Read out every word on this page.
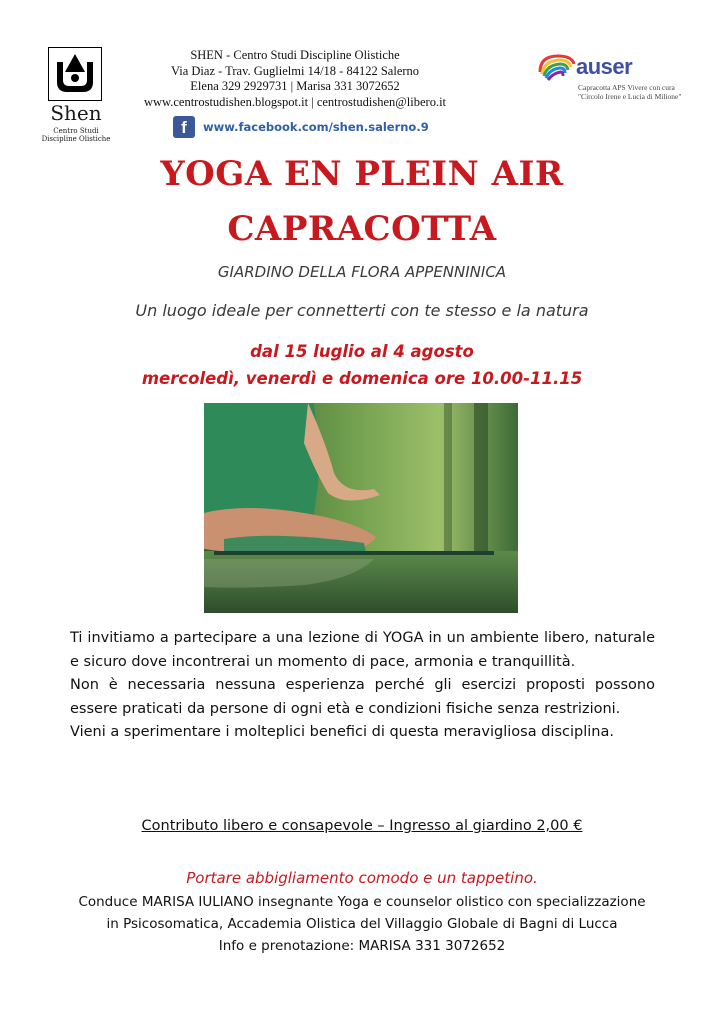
Shen
Centro Studi Discipline Olistiche
SHEN - Centro Studi Discipline Olistiche
Via Diaz - Trav. Guglielmi 14/18 - 84122 Salerno
Elena 329 2929731 | Marisa 331 3072652
www.centrostudishen.blogspot.it | centrostudishen@libero.it
f	www.facebook.com/shen.salerno.9
auser
Capracotta APS Vivere con cura
"Circolo Irene e Lucia di Milione"
YOGA EN PLEIN AIR
CAPRACOTTA
GIARDINO DELLA FLORA APPENNINICA
Un luogo ideale per connetterti con te stesso e la natura
dal 15 luglio al 4 agosto
mercoledì, venerdì e domenica ore 10.00-11.15

Ti invitiamo a partecipare a una lezione di YOGA in un ambiente libero, naturale e sicuro dove incontrerai un momento di pace, armonia e tranquillità.

Non è necessaria nessuna esperienza perché gli esercizi proposti possono essere praticati da persone di ogni età e condizioni fisiche senza restrizioni.

Vieni a sperimentare i molteplici benefici di questa meravigliosa disciplina.

Contributo libero e consapevole – Ingresso al giardino 2,00 €
Portare abbigliamento comodo e un tappetino.
Conduce MARISA IULIANO insegnante Yoga e counselor olistico con specializzazione
in Psicosomatica, Accademia Olistica del Villaggio Globale di Bagni di Lucca
Info e prenotazione: MARISA 331 3072652
